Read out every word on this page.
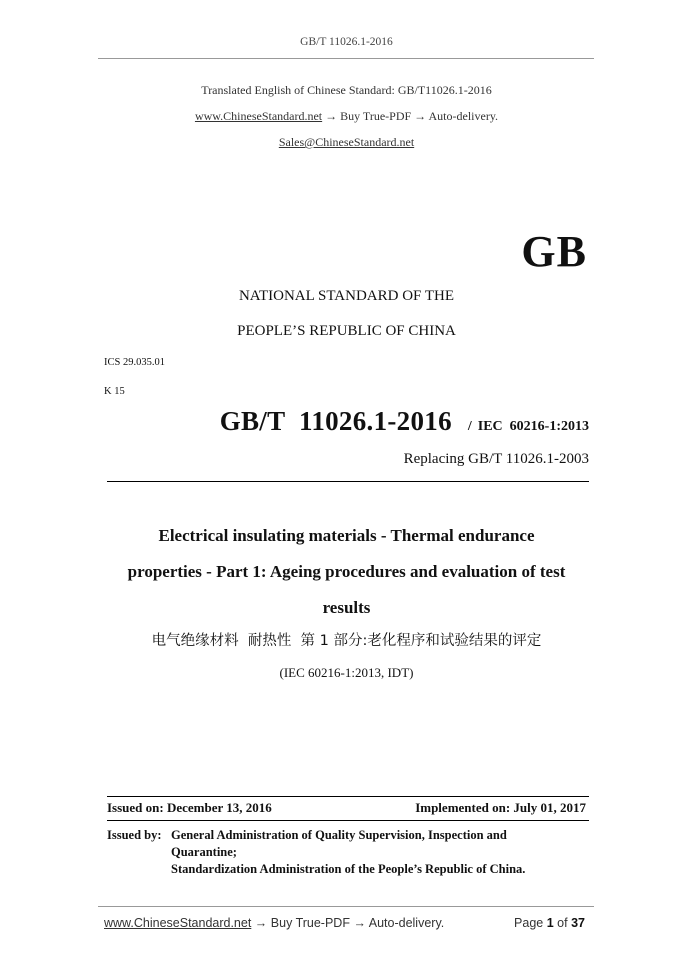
GB/T 11026.1-2016
Translated English of Chinese Standard: GB/T11026.1-2016
www.ChineseStandard.net → Buy True-PDF → Auto-delivery.
Sales@ChineseStandard.net
GB
NATIONAL STANDARD OF THE
PEOPLE’S REPUBLIC OF CHINA
ICS 29.035.01
K 15
GB/T  11026.1-2016 / IEC  60216-1:2013
Replacing GB/T 11026.1-2003
Electrical insulating materials - Thermal endurance
properties - Part 1: Ageing procedures and evaluation of test
results
电气绝缘材料  耐热性  第 1 部分:老化程序和试验结果的评定
(IEC 60216-1:2013, IDT)
Issued on: December 13, 2016	Implemented on: July 01, 2017
Issued by: General Administration of Quality Supervision, Inspection and
Quarantine;
Standardization Administration of the People’s Republic of China.
www.ChineseStandard.net → Buy True-PDF → Auto-delivery.	Page 1 of 37
